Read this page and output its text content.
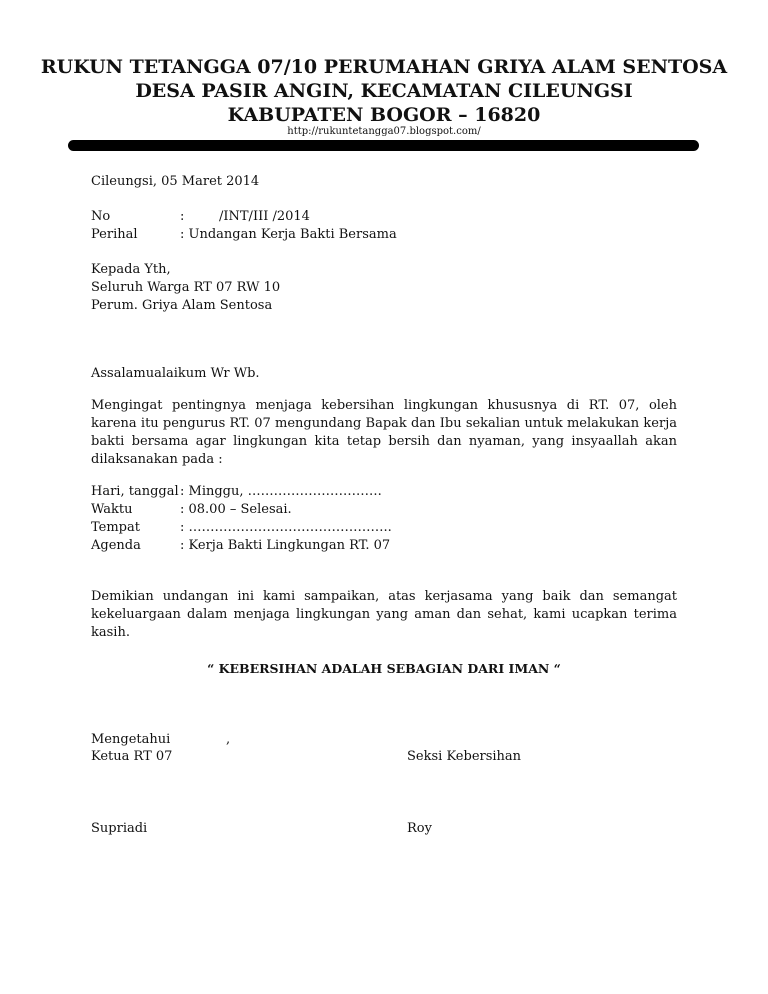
RUKUN TETANGGA 07/10 PERUMAHAN GRIYA ALAM SENTOSA
DESA PASIR ANGIN, KECAMATAN CILEUNGSI
KABUPATEN BOGOR – 16820
http://rukuntetangga07.blogspot.com/
Cileungsi, 05 Maret 2014
No	:	/INT/III /2014
Perihal	: Undangan Kerja Bakti Bersama
Kepada Yth,
Seluruh Warga RT 07 RW 10
Perum. Griya Alam Sentosa
Assalamualaikum Wr Wb.
Mengingat pentingnya menjaga kebersihan lingkungan khususnya di RT. 07, oleh karena itu pengurus RT. 07 mengundang Bapak dan Ibu sekalian untuk melakukan kerja bakti bersama agar lingkungan kita tetap bersih dan nyaman, yang insyaallah akan dilaksanakan pada :
Hari, tanggal : Minggu, ………………………….
Waktu	: 08.00 – Selesai.
Tempat	: ………………………………………..
Agenda	: Kerja Bakti Lingkungan RT. 07
Demikian undangan ini kami sampaikan, atas kerjasama yang baik dan semangat kekeluargaan dalam menjaga lingkungan yang aman dan sehat, kami ucapkan terima kasih.
“ KEBERSIHAN ADALAH SEBAGIAN DARI IMAN “
Mengetahui	,
Ketua RT 07	Seksi Kebersihan
Supriadi	Roy
